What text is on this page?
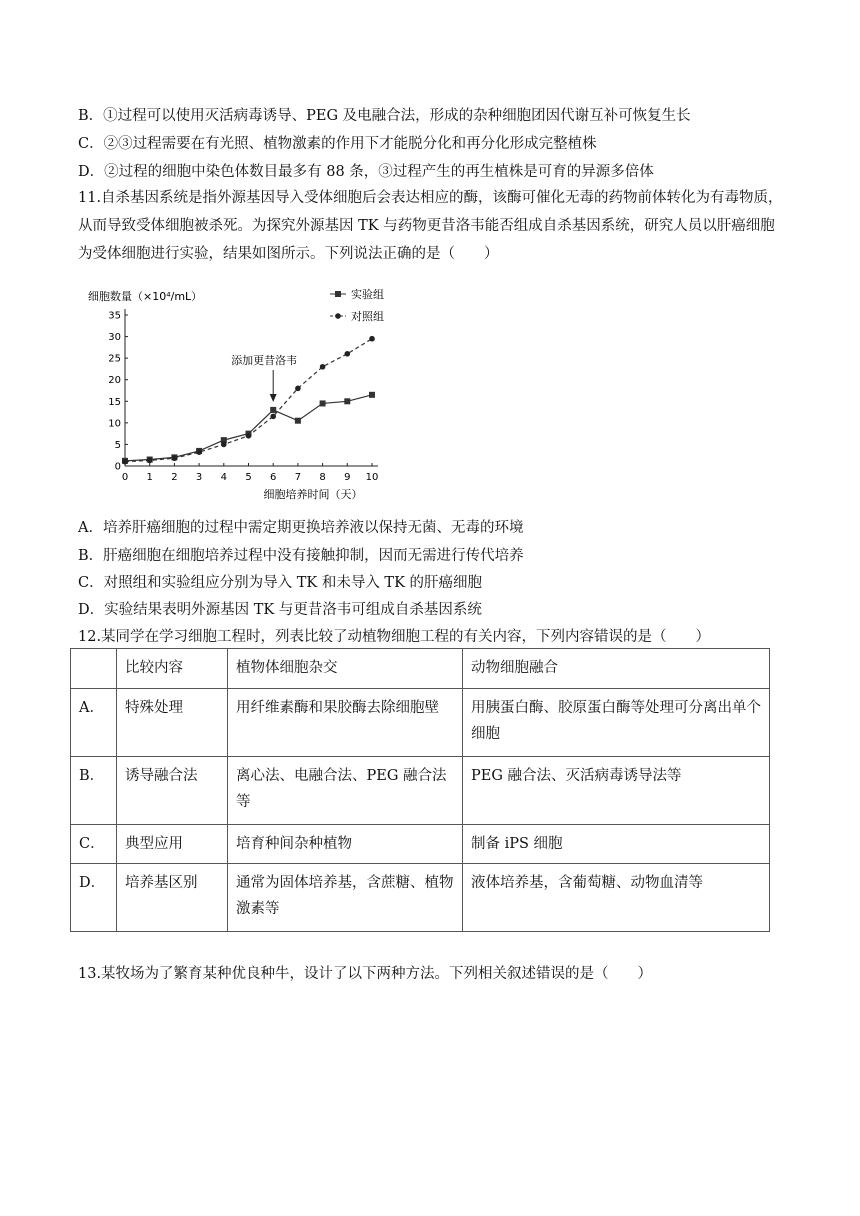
B．①过程可以使用灭活病毒诱导、PEG 及电融合法，形成的杂种细胞团因代谢互补可恢复生长
C．②③过程需要在有光照、植物激素的作用下才能脱分化和再分化形成完整植株
D．②过程的细胞中染色体数目最多有 88 条，③过程产生的再生植株是可育的异源多倍体
11.自杀基因系统是指外源基因导入受体细胞后会表达相应的酶，该酶可催化无毒的药物前体转化为有毒物质，从而导致受体细胞被杀死。为探究外源基因 TK 与药物更昔洛韦能否组成自杀基因系统，研究人员以肝癌细胞为受体细胞进行实验，结果如图所示。下列说法正确的是（　　）
细胞数量（×10⁴/mL）
细胞培养时间（天）
0 1 2 3 4 5 6 7 8 9 10
0
5
10
15
20
25
30
35
添加更昔洛韦
实验组
对照组
A．培养肝癌细胞的过程中需定期更换培养液以保持无菌、无毒的环境
B．肝癌细胞在细胞培养过程中没有接触抑制，因而无需进行传代培养
C．对照组和实验组应分别为导入 TK 和未导入 TK 的肝癌细胞
D．实验结果表明外源基因 TK 与更昔洛韦可组成自杀基因系统
12.某同学在学习细胞工程时，列表比较了动植物细胞工程的有关内容，下列内容错误的是（　　）
	比较内容	植物体细胞杂交	动物细胞融合
A．	特殊处理	用纤维素酶和果胶酶去除细胞壁	用胰蛋白酶、胶原蛋白酶等处理可分离出单个细胞
B．	诱导融合法	离心法、电融合法、PEG 融合法等	PEG 融合法、灭活病毒诱导法等
C．	典型应用	培育种间杂种植物	制备 iPS 细胞
D．	培养基区别	通常为固体培养基，含蔗糖、植物激素等	液体培养基，含葡萄糖、动物血清等
13.某牧场为了繁育某种优良种牛，设计了以下两种方法。下列相关叙述错误的是（　　）
